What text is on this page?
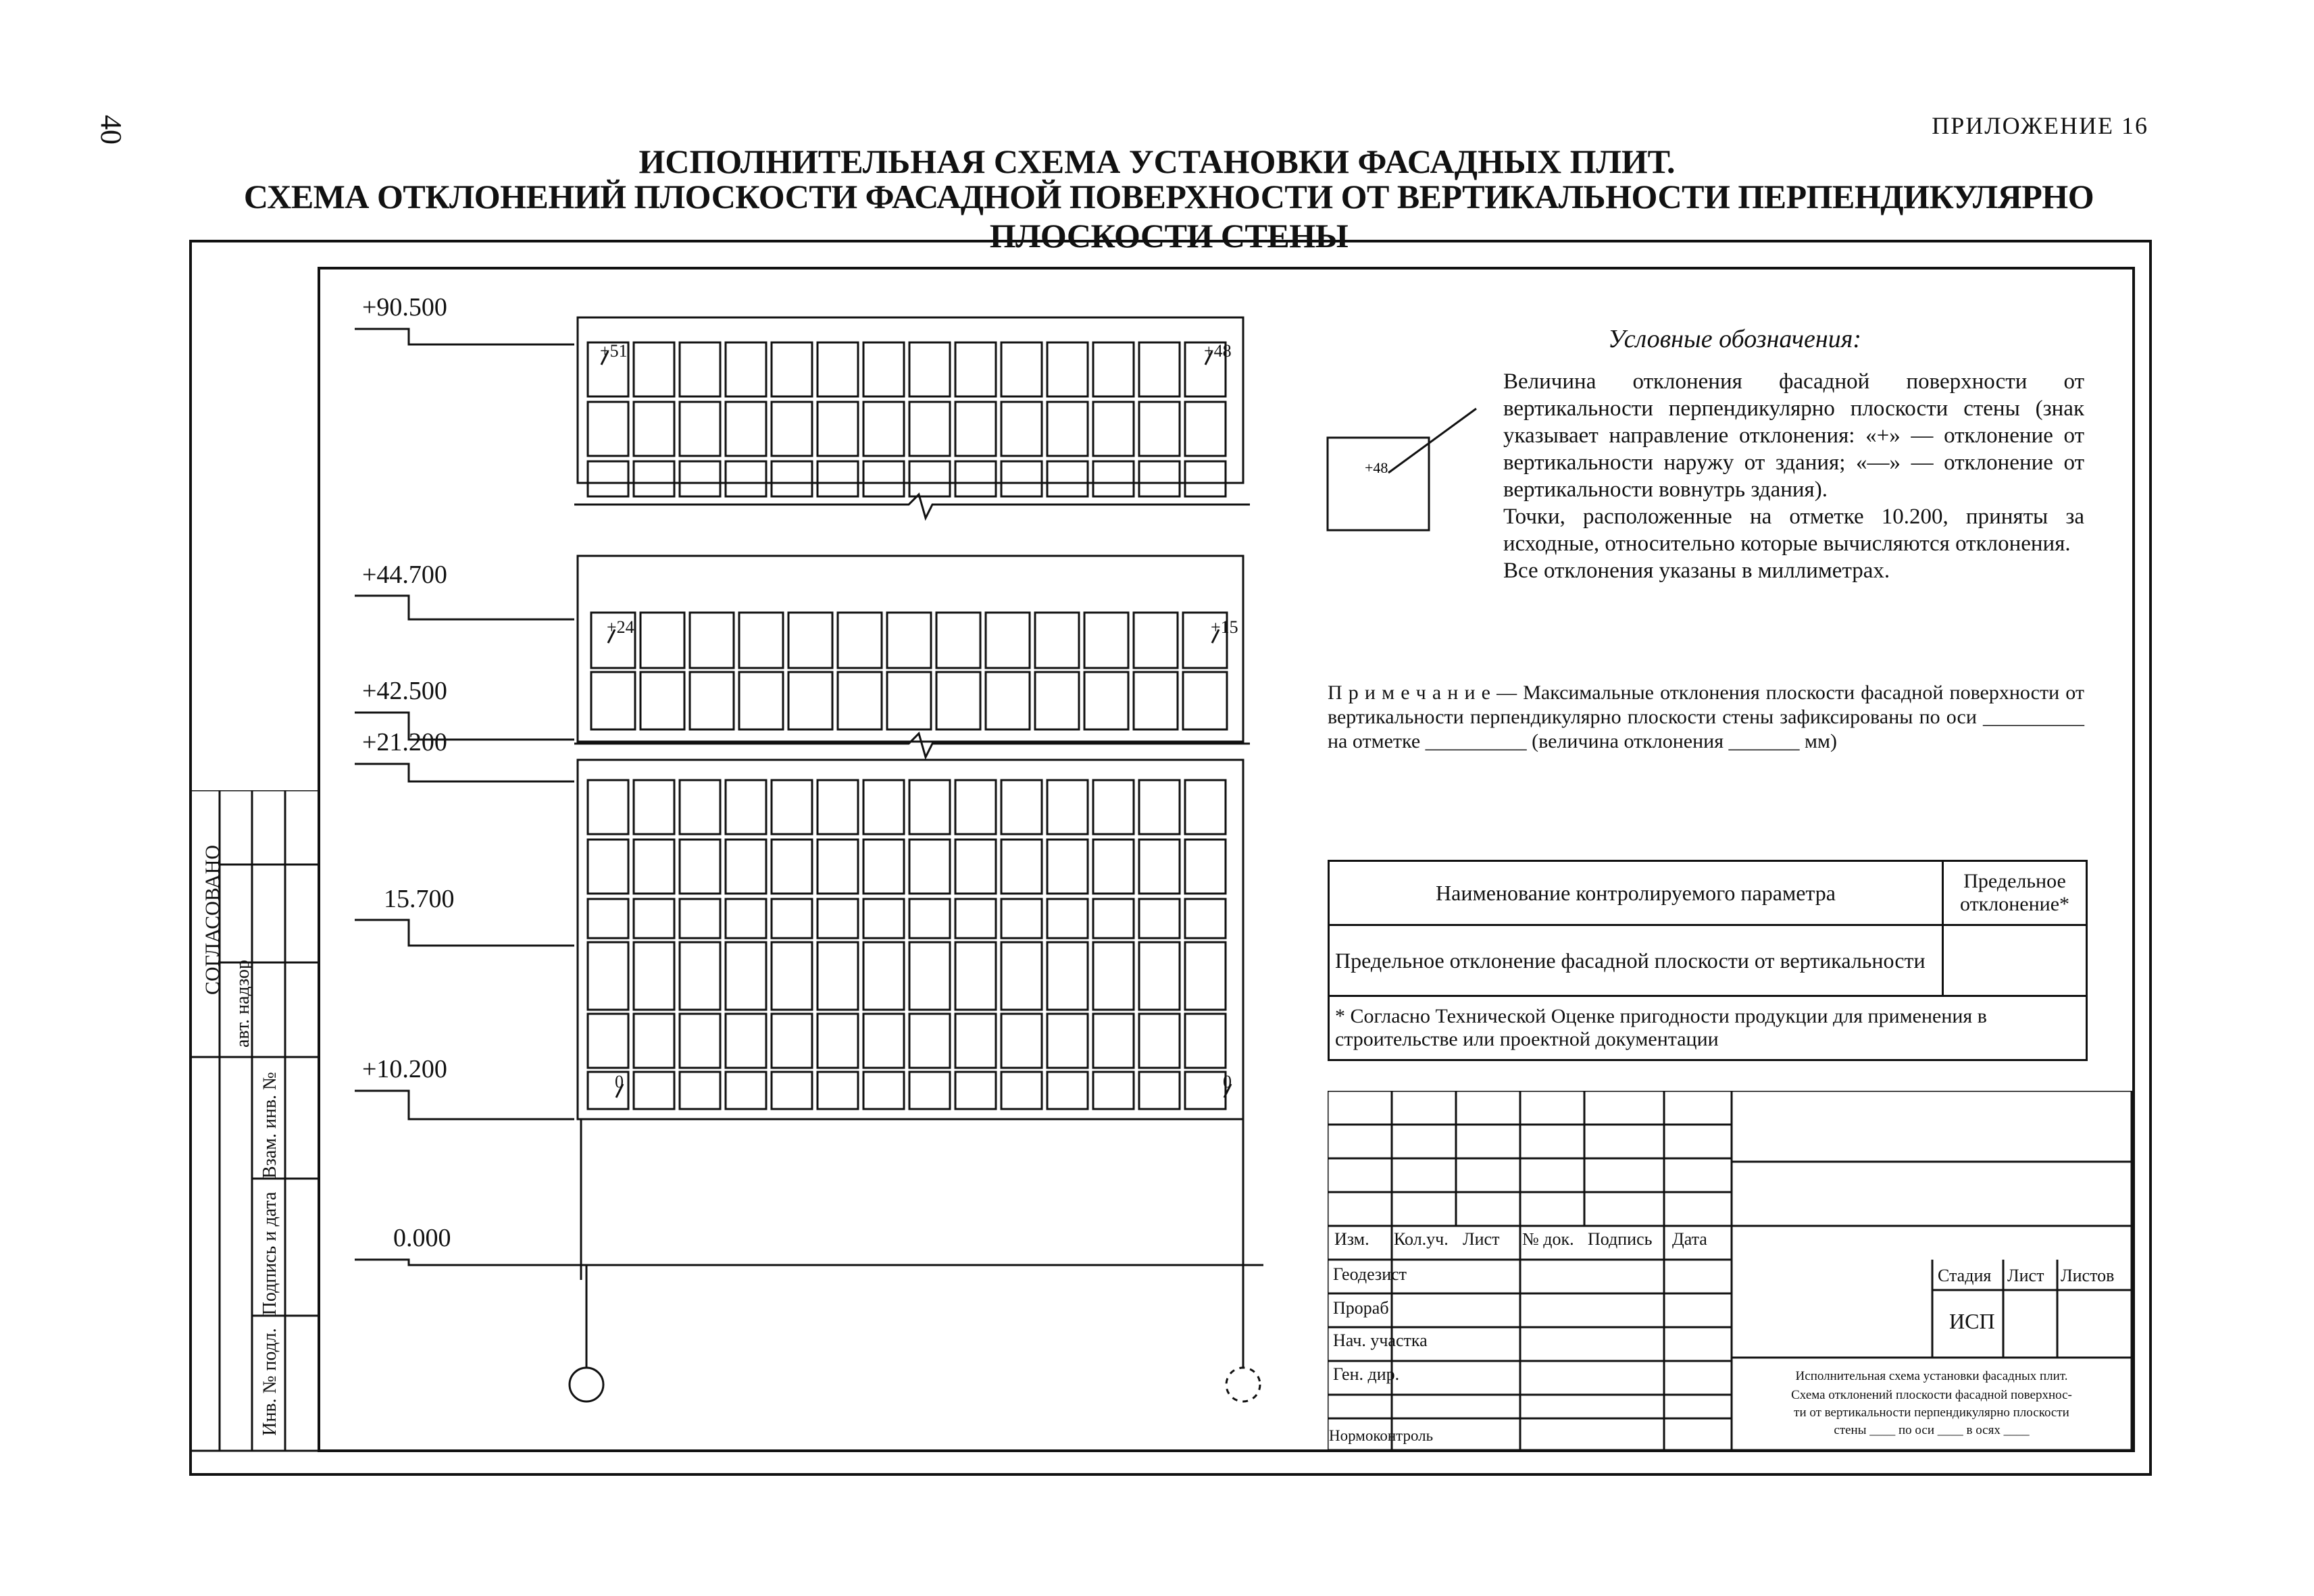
40	ПРИЛОЖЕНИЕ 16
ИСПОЛНИТЕЛЬНАЯ СХЕМА УСТАНОВКИ ФАСАДНЫХ ПЛИТ.
СХЕМА ОТКЛОНЕНИЙ ПЛОСКОСТИ ФАСАДНОЙ ПОВЕРХНОСТИ ОТ ВЕРТИКАЛЬНОСТИ ПЕРПЕНДИКУЛЯРНО ПЛОСКОСТИ СТЕНЫ
СОГЛАСОВАНО
авт. надзор
Инв. № подл.
Подпись и дата
Взам. инв. №
+90.500
+44.700
+42.500
+21.200
15.700
+10.200
0.000
+51	+48
+24	+15
0	0
Условные обозначения:
+48

Величина отклонения фасадной поверхности от вертикальности перпендикулярно плоскости стены (знак указывает направление отклонения: «+» — отклонение от вертикальности наружу от здания; «—» — отклонение от вертикальности вовнутрь здания).

Точки, расположенные на отметке 10.200, приняты за исходные, относительно которые вычисляются отклонения.

Все отклонения указаны в миллиметрах.

П р и м е ч а н и е — Максимальные отклонения плоскости фасадной поверхности от вертикальности перпендикулярно плоскости стены зафиксированы по оси __________ на отметке __________ (величина отклонения _______ мм)
Наименование контролируемого параметра	Предельное отклонение*
Предельное отклонение фасадной плоскости от вертикальности	
* Согласно Технической Оценке пригодности продукции для применения в строительстве или проектной документации	
Изм. Кол.уч. Лист № док. Подпись Дата
Геодезист
Прораб
Нач. участка
Ген. дир.
Нормоконтроль
Стадия Лист Листов
ИСП
Исполнительная схема установки фасадных плит.
Схема отклонений плоскости фасадной поверхнос-
ти от вертикальности перпендикулярно плоскости
стены ____ по оси ____ в осях ____
